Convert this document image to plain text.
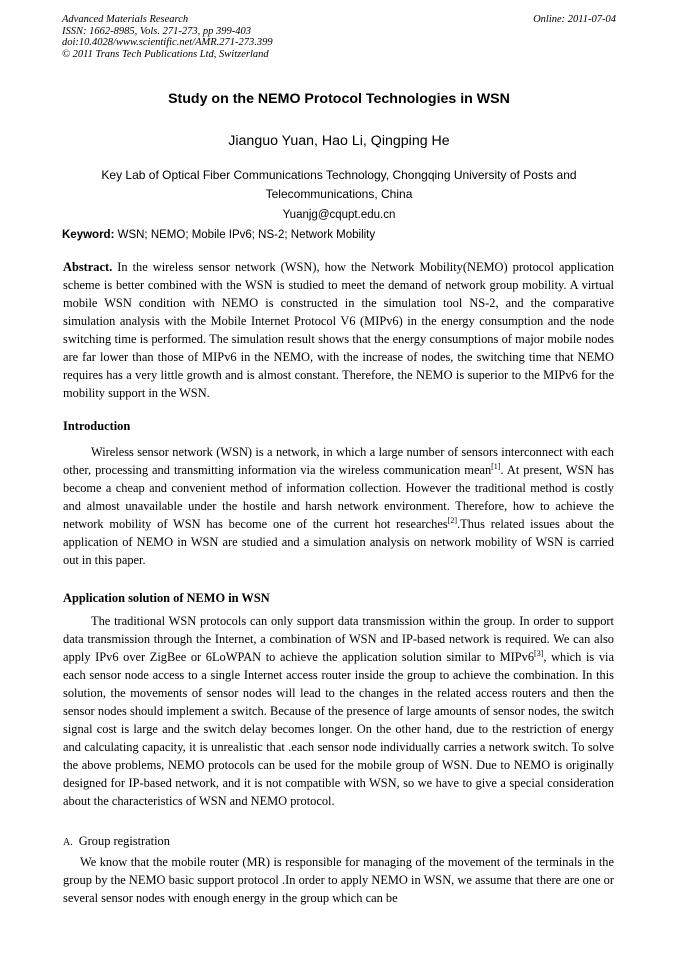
Advanced Materials Research
ISSN: 1662-8985, Vols. 271-273, pp 399-403
doi:10.4028/www.scientific.net/AMR.271-273.399
© 2011 Trans Tech Publications Ltd, Switzerland
Online: 2011-07-04
Study on the NEMO Protocol Technologies in WSN
Jianguo Yuan, Hao Li, Qingping He
Key Lab of Optical Fiber Communications Technology, Chongqing University of Posts and Telecommunications, China
Yuanjg@cqupt.edu.cn
Keyword: WSN; NEMO; Mobile IPv6; NS-2; Network Mobility
Abstract. In the wireless sensor network (WSN), how the Network Mobility(NEMO) protocol application scheme is better combined with the WSN is studied to meet the demand of network group mobility. A virtual mobile WSN condition with NEMO is constructed in the simulation tool NS-2, and the comparative simulation analysis with the Mobile Internet Protocol V6 (MIPv6) in the energy consumption and the node switching time is performed. The simulation result shows that the energy consumptions of major mobile nodes are far lower than those of MIPv6 in the NEMO, with the increase of nodes, the switching time that NEMO requires has a very little growth and is almost constant. Therefore, the NEMO is superior to the MIPv6 for the mobility support in the WSN.
Introduction
Wireless sensor network (WSN) is a network, in which a large number of sensors interconnect with each other, processing and transmitting information via the wireless communication mean[1]. At present, WSN has become a cheap and convenient method of information collection. However the traditional method is costly and almost unavailable under the hostile and harsh network environment. Therefore, how to achieve the network mobility of WSN has become one of the current hot researches[2].Thus related issues about the application of NEMO in WSN are studied and a simulation analysis on network mobility of WSN is carried out in this paper.
Application solution of NEMO in WSN
The traditional WSN protocols can only support data transmission within the group. In order to support data transmission through the Internet, a combination of WSN and IP-based network is required. We can also apply IPv6 over ZigBee or 6LoWPAN to achieve the application solution similar to MIPv6[3], which is via each sensor node access to a single Internet access router inside the group to achieve the combination. In this solution, the movements of sensor nodes will lead to the changes in the related access routers and then the sensor nodes should implement a switch. Because of the presence of large amounts of sensor nodes, the switch signal cost is large and the switch delay becomes longer. On the other hand, due to the restriction of energy and calculating capacity, it is unrealistic that .each sensor node individually carries a network switch. To solve the above problems, NEMO protocols can be used for the mobile group of WSN. Due to NEMO is originally designed for IP-based network, and it is not compatible with WSN, so we have to give a special consideration about the characteristics of WSN and NEMO protocol.
A. Group registration
We know that the mobile router (MR) is responsible for managing of the movement of the terminals in the group by the NEMO basic support protocol .In order to apply NEMO in WSN, we assume that there are one or several sensor nodes with enough energy in the group which can be
